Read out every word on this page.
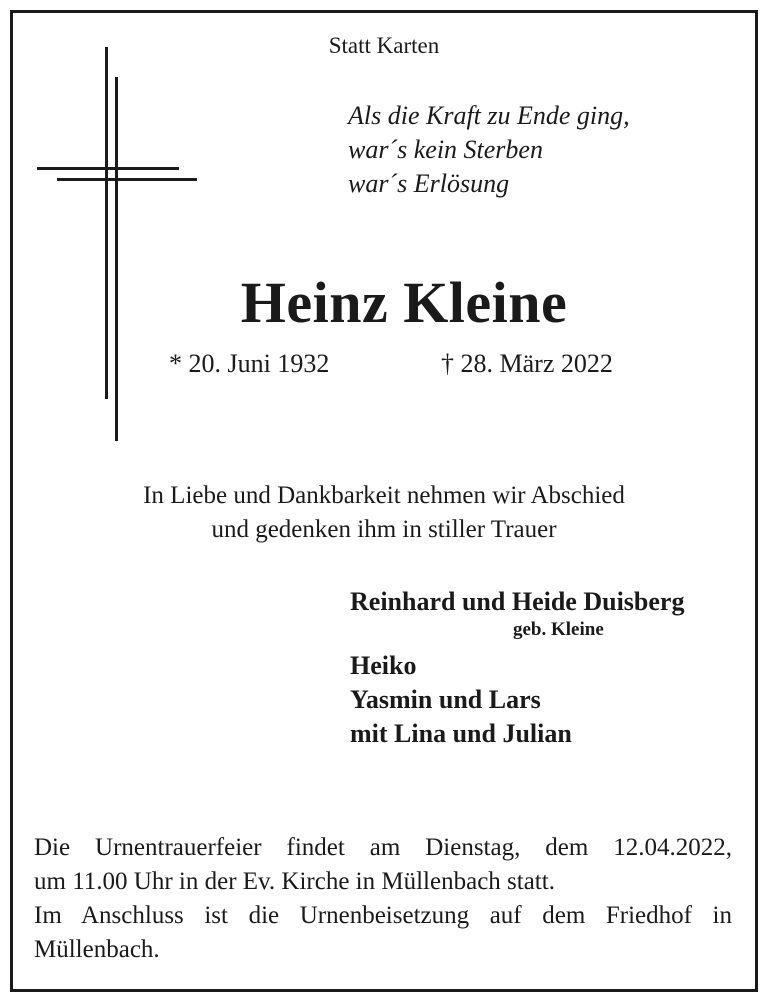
Statt Karten
Als die Kraft zu Ende ging,
war´s kein Sterben
war´s Erlösung
Heinz Kleine
* 20. Juni 1932	† 28. März 2022
In Liebe und Dankbarkeit nehmen wir Abschied
und gedenken ihm in stiller Trauer
Reinhard und Heide Duisberg
geb. Kleine
Heiko
Yasmin und Lars
mit Lina und Julian
Die Urnentrauerfeier findet am Dienstag, dem 12.04.2022,
um 11.00 Uhr in der Ev. Kirche in Müllenbach statt.
Im Anschluss ist die Urnenbeisetzung auf dem Friedhof in
Müllenbach.
